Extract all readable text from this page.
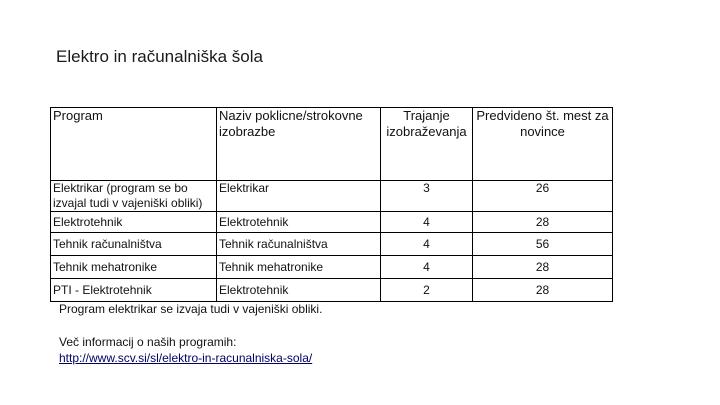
Elektro in računalniška šola
Program	Naziv poklicne/strokovne izobrazbe	Trajanje izobraževanja	Predvideno št. mest za novince
Elektrikar (program se bo izvajal tudi v vajeniški obliki)	Elektrikar	3	26
Elektrotehnik	Elektrotehnik	4	28
Tehnik računalništva	Tehnik računalništva	4	56
Tehnik mehatronike	Tehnik mehatronike	4	28
PTI - Elektrotehnik	Elektrotehnik	2	28
Program elektrikar se izvaja tudi v vajeniški obliki.
Več informacij o naših programih:
http://www.scv.si/sl/elektro-in-racunalniska-sola/
